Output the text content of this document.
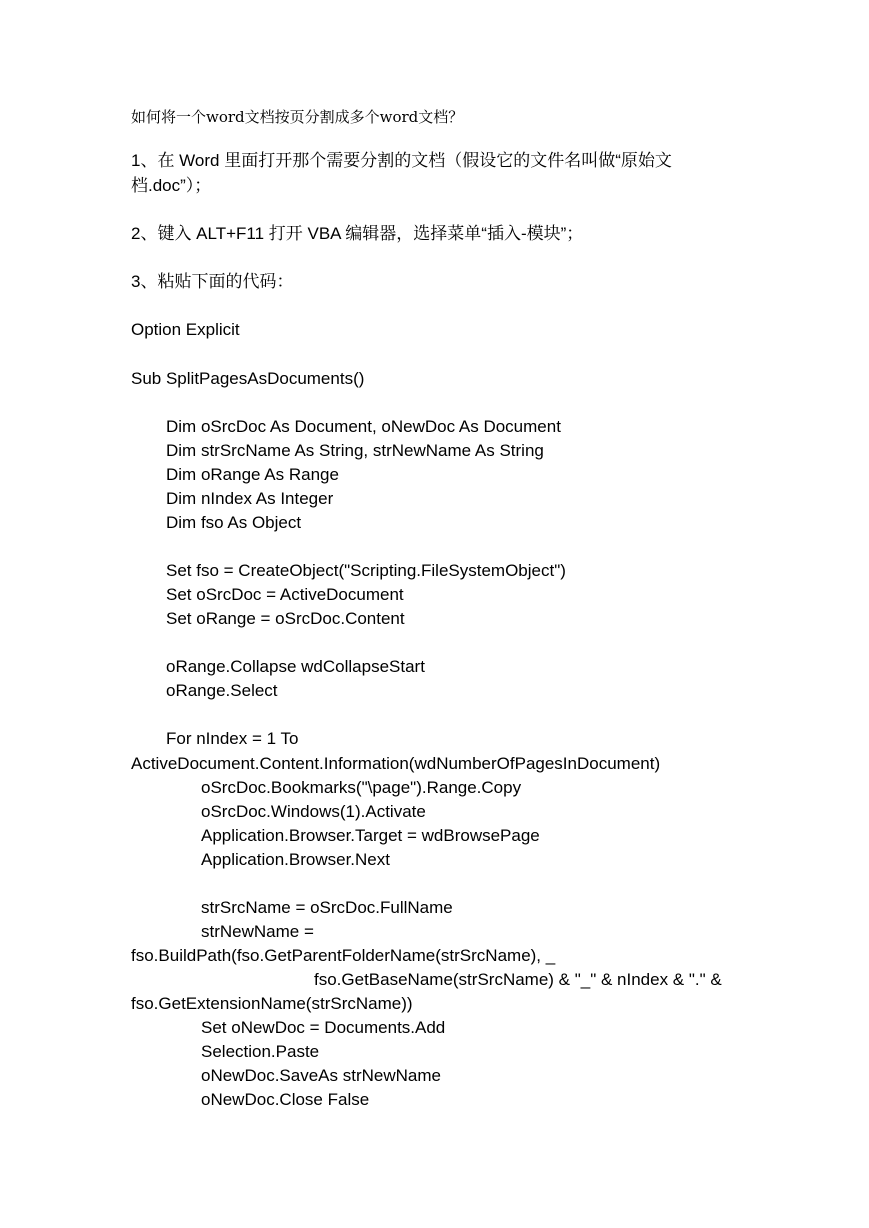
如何将一个word文档按页分割成多个word文档？
1、在 Word 里面打开那个需要分割的文档（假设它的文件名叫做“原始文
档.doc”）；
2、键入 ALT+F11 打开 VBA 编辑器，选择菜单“插入-模块”；
3、粘贴下面的代码：
Option Explicit
Sub SplitPagesAsDocuments()
Dim oSrcDoc As Document, oNewDoc As Document
Dim strSrcName As String, strNewName As String
Dim oRange As Range
Dim nIndex As Integer
Dim fso As Object
Set fso = CreateObject("Scripting.FileSystemObject")
Set oSrcDoc = ActiveDocument
Set oRange = oSrcDoc.Content
oRange.Collapse wdCollapseStart
oRange.Select
For nIndex = 1 To
ActiveDocument.Content.Information(wdNumberOfPagesInDocument)
oSrcDoc.Bookmarks("\page").Range.Copy
oSrcDoc.Windows(1).Activate
Application.Browser.Target = wdBrowsePage
Application.Browser.Next
strSrcName = oSrcDoc.FullName
strNewName =
fso.BuildPath(fso.GetParentFolderName(strSrcName), _
fso.GetBaseName(strSrcName) & "_" & nIndex & "." &
fso.GetExtensionName(strSrcName))
Set oNewDoc = Documents.Add
Selection.Paste
oNewDoc.SaveAs strNewName
oNewDoc.Close False
